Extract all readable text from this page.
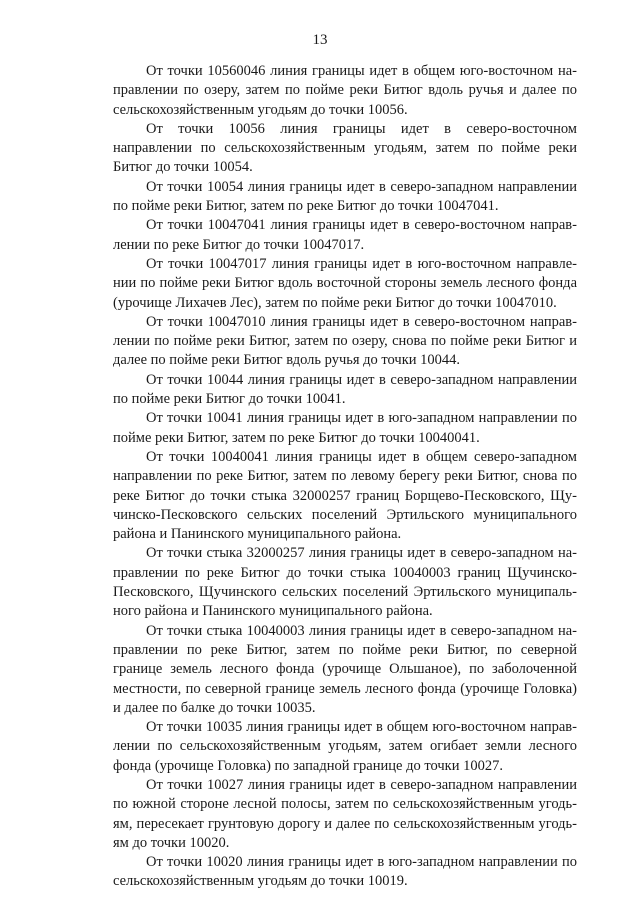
13

От точки 10560046 линия границы идет в общем юго-восточном направлении по озеру, затем по пойме реки Битюг вдоль ручья и далее по сельскохозяйственным угодьям до точки 10056.

От точки 10056 линия границы идет в северо-восточном направлении по сельскохозяйственным угодьям, затем по пойме реки Битюг до точки 10054.

От точки 10054 линия границы идет в северо-западном направлении по пойме реки Битюг, затем по реке Битюг до точки 10047041.

От точки 10047041 линия границы идет в северо-восточном направлении по реке Битюг до точки 10047017.

От точки 10047017 линия границы идет в юго-восточном направлении по пойме реки Битюг вдоль восточной стороны земель лесного фонда (урочище Лихачев Лес), затем по пойме реки Битюг до точки 10047010.

От точки 10047010 линия границы идет в северо-восточном направлении по пойме реки Битюг, затем по озеру, снова по пойме реки Битюг и далее по пойме реки Битюг вдоль ручья до точки 10044.

От точки 10044 линия границы идет в северо-западном направлении по пойме реки Битюг до точки 10041.

От точки 10041 линия границы идет в юго-западном направлении по пойме реки Битюг, затем по реке Битюг до точки 10040041.

От точки 10040041 линия границы идет в общем северо-западном направлении по реке Битюг, затем по левому берегу реки Битюг, снова по реке Битюг до точки стыка 32000257 границ Борщево-Песковского, Щучинско-Песковского сельских поселений Эртильского муниципального района и Панинского муниципального района.

От точки стыка 32000257 линия границы идет в северо-западном направлении по реке Битюг до точки стыка 10040003 границ Щучинско-Песковского, Щучинского сельских поселений Эртильского муниципального района и Панинского муниципального района.

От точки стыка 10040003 линия границы идет в северо-западном направлении по реке Битюг, затем по пойме реки Битюг, по северной границе земель лесного фонда (урочище Ольшаное), по заболоченной местности, по северной границе земель лесного фонда (урочище Головка) и далее по балке до точки 10035.

От точки 10035 линия границы идет в общем юго-восточном направлении по сельскохозяйственным угодьям, затем огибает земли лесного фонда (урочище Головка) по западной границе до точки 10027.

От точки 10027 линия границы идет в северо-западном направлении по южной стороне лесной полосы, затем по сельскохозяйственным угодьям, пересекает грунтовую дорогу и далее по сельскохозяйственным угодьям до точки 10020.

От точки 10020 линия границы идет в юго-западном направлении по сельскохозяйственным угодьям до точки 10019.
